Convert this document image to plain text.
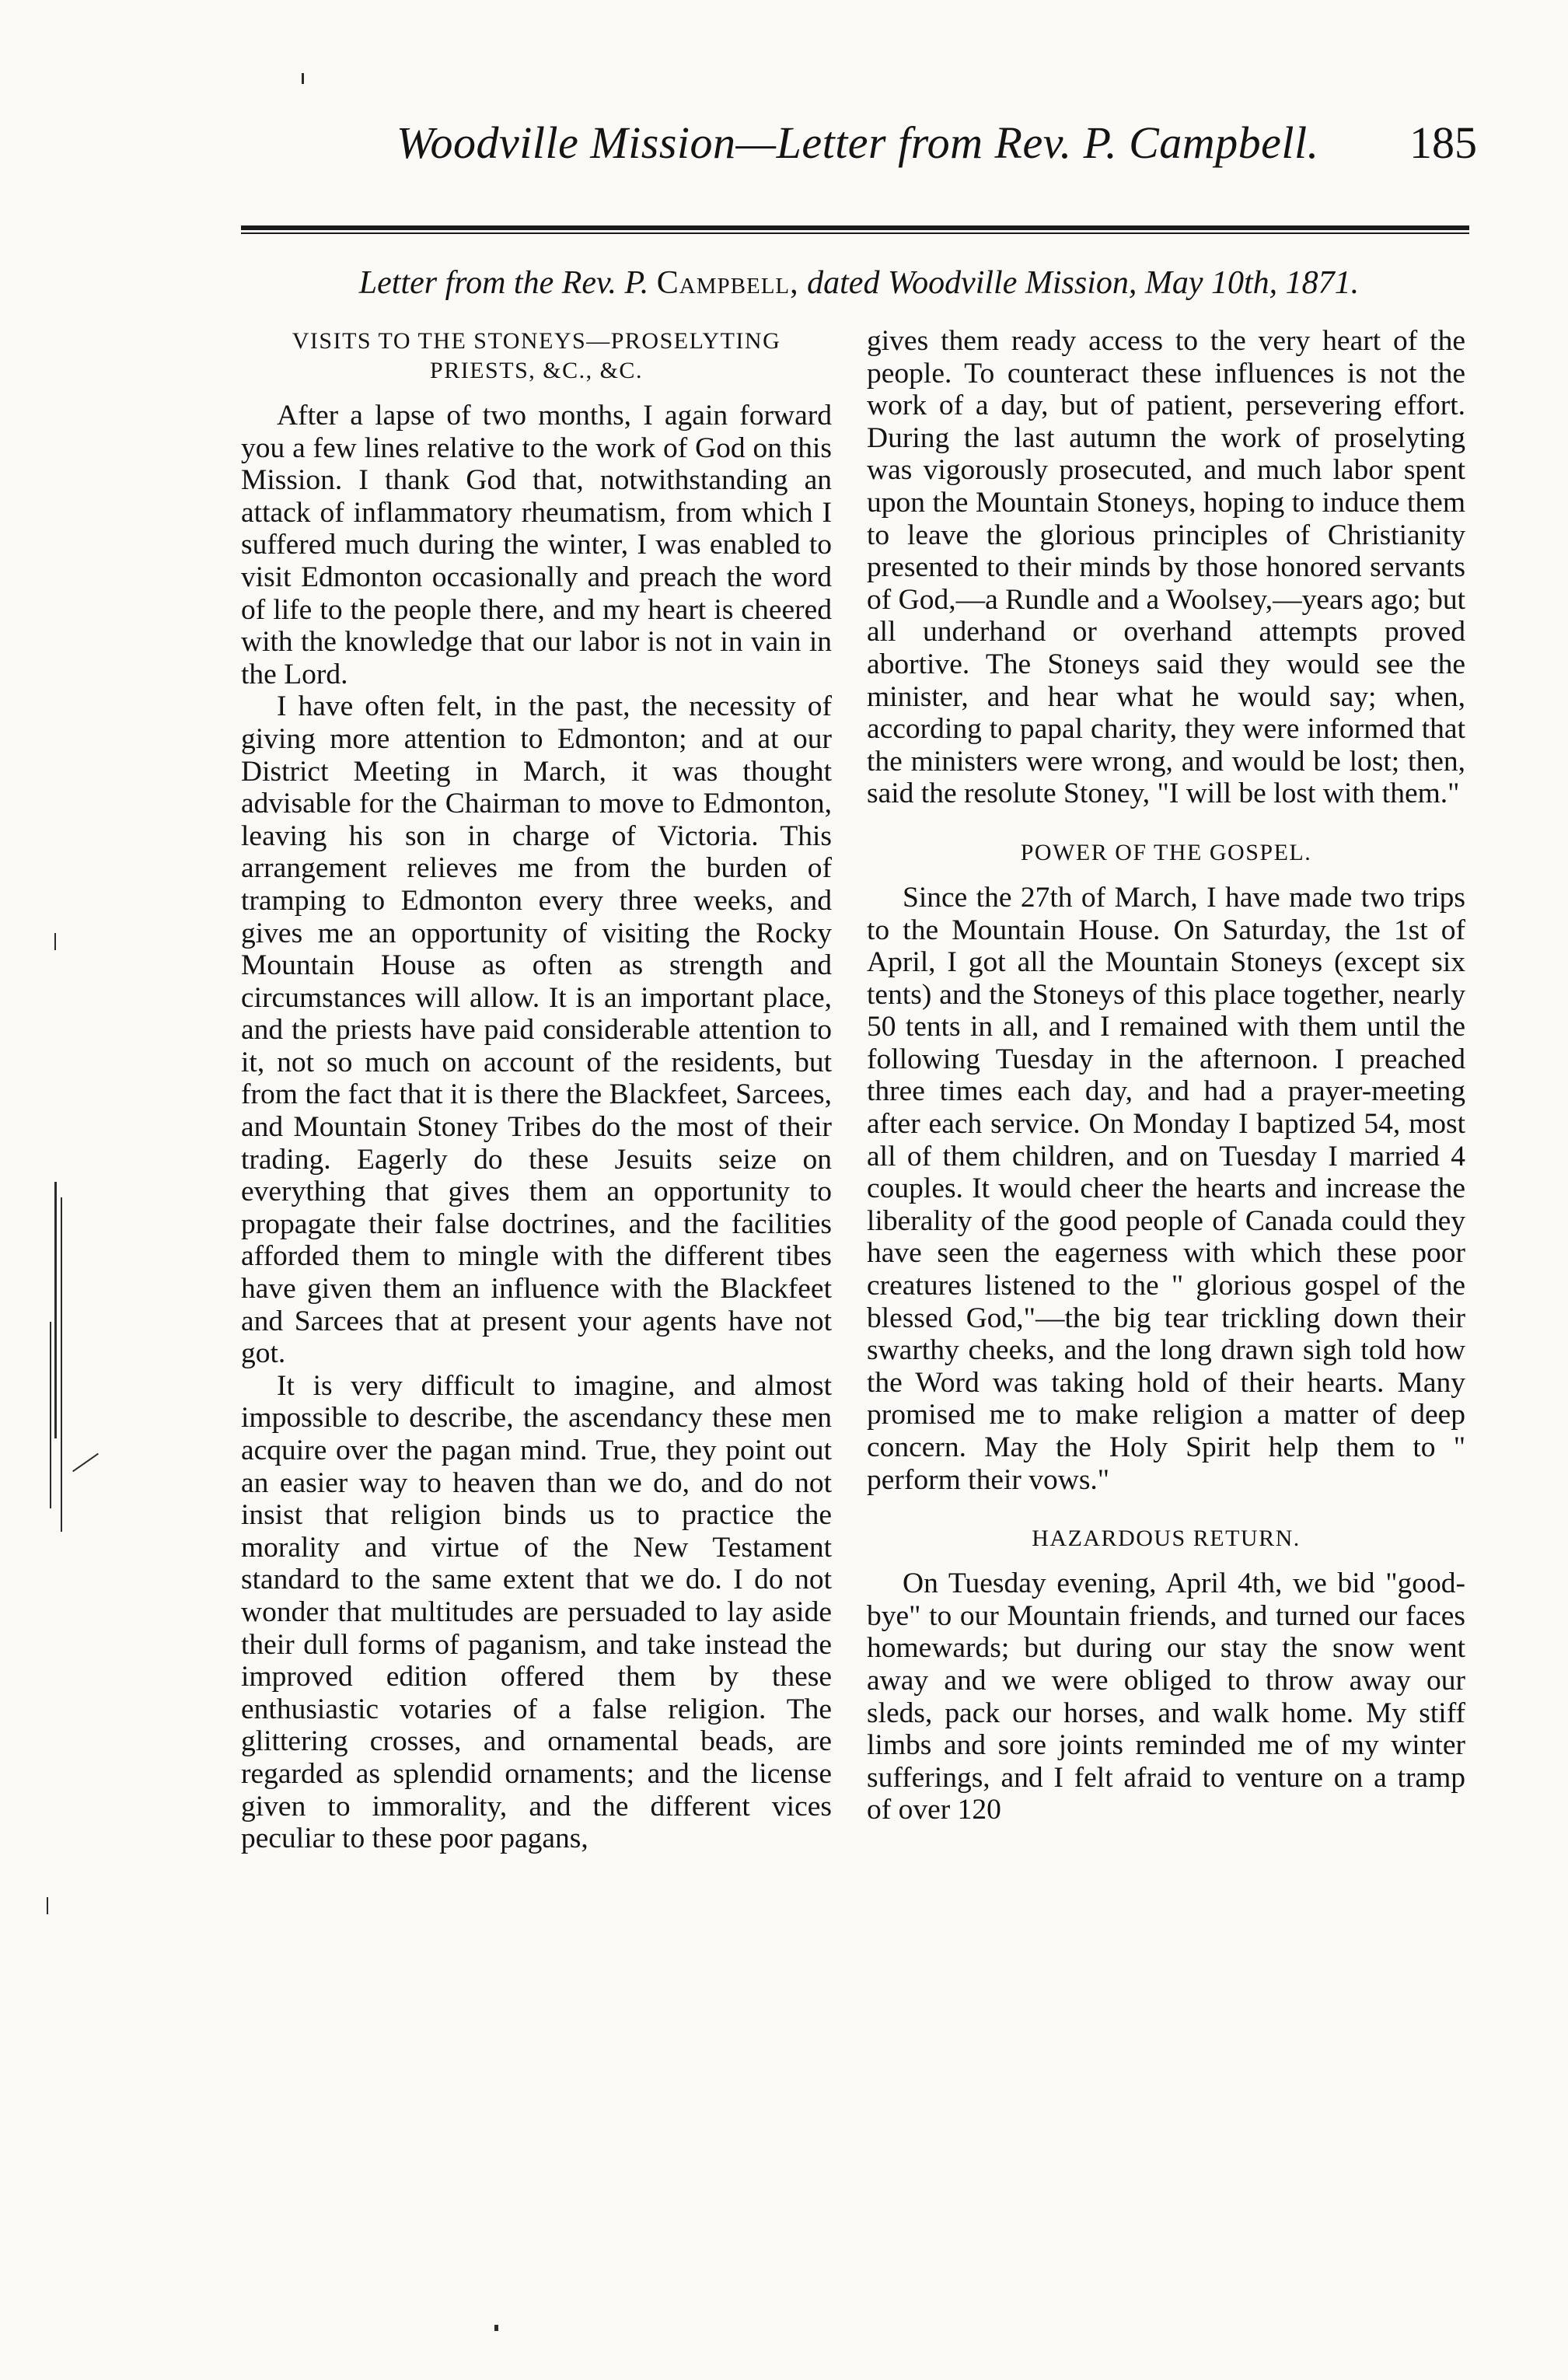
Woodville Mission—Letter from Rev. P. Campbell. 185
Letter from the Rev. P. Campbell, dated Woodville Mission, May 10th, 1871.

VISITS TO THE STONEYS—PROSELYTING PRIESTS, &C., &C.

After a lapse of two months, I again forward you a few lines relative to the work of God on this Mission. I thank God that, notwithstanding an attack of inflammatory rheumatism, from which I suffered much during the winter, I was enabled to visit Edmonton occasionally and preach the word of life to the people there, and my heart is cheered with the knowledge that our labor is not in vain in the Lord.

I have often felt, in the past, the necessity of giving more attention to Edmonton; and at our District Meeting in March, it was thought advisable for the Chairman to move to Edmonton, leaving his son in charge of Victoria. This arrangement relieves me from the burden of tramping to Edmonton every three weeks, and gives me an opportunity of visiting the Rocky Mountain House as often as strength and circumstances will allow. It is an important place, and the priests have paid considerable attention to it, not so much on account of the residents, but from the fact that it is there the Blackfeet, Sarcees, and Mountain Stoney Tribes do the most of their trading. Eagerly do these Jesuits seize on everything that gives them an opportunity to propagate their false doctrines, and the facilities afforded them to mingle with the different tibes have given them an influence with the Blackfeet and Sarcees that at present your agents have not got.

It is very difficult to imagine, and almost impossible to describe, the ascendancy these men acquire over the pagan mind. True, they point out an easier way to heaven than we do, and do not insist that religion binds us to practice the morality and virtue of the New Testament standard to the same extent that we do. I do not wonder that multitudes are persuaded to lay aside their dull forms of paganism, and take instead the improved edition offered them by these enthusiastic votaries of a false religion. The glittering crosses, and ornamental beads, are regarded as splendid ornaments; and the license given to immorality, and the different vices peculiar to these poor pagans,

gives them ready access to the very heart of the people. To counteract these influences is not the work of a day, but of patient, persevering effort. During the last autumn the work of proselyting was vigorously prosecuted, and much labor spent upon the Mountain Stoneys, hoping to induce them to leave the glorious principles of Christianity presented to their minds by those honored servants of God,—a Rundle and a Woolsey,—years ago; but all underhand or overhand attempts proved abortive. The Stoneys said they would see the minister, and hear what he would say; when, according to papal charity, they were informed that the ministers were wrong, and would be lost; then, said the resolute Stoney, "I will be lost with them."

POWER OF THE GOSPEL.

Since the 27th of March, I have made two trips to the Mountain House. On Saturday, the 1st of April, I got all the Mountain Stoneys (except six tents) and the Stoneys of this place together, nearly 50 tents in all, and I remained with them until the following Tuesday in the afternoon. I preached three times each day, and had a prayer-meeting after each service. On Monday I baptized 54, most all of them children, and on Tuesday I married 4 couples. It would cheer the hearts and increase the liberality of the good people of Canada could they have seen the eagerness with which these poor creatures listened to the " glorious gospel of the blessed God,"—the big tear trickling down their swarthy cheeks, and the long drawn sigh told how the Word was taking hold of their hearts. Many promised me to make religion a matter of deep concern. May the Holy Spirit help them to " perform their vows."

HAZARDOUS RETURN.

On Tuesday evening, April 4th, we bid "good-bye" to our Mountain friends, and turned our faces homewards; but during our stay the snow went away and we were obliged to throw away our sleds, pack our horses, and walk home. My stiff limbs and sore joints reminded me of my winter sufferings, and I felt afraid to venture on a tramp of over 120
